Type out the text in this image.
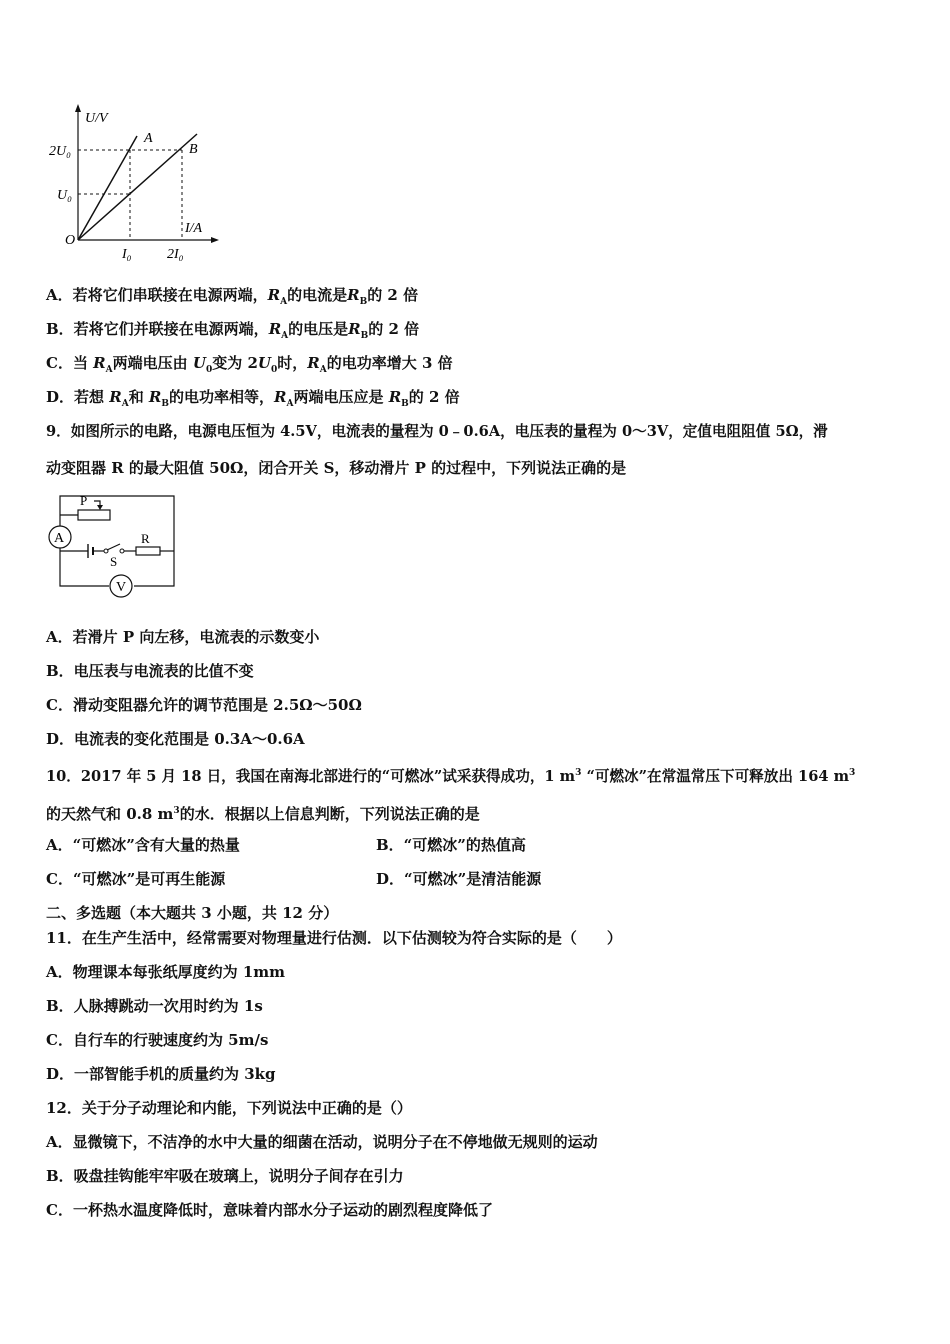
U/V
I/A
O
2U₀
U₀
I₀	2I₀
A
B
A．若将它们串联接在电源两端，$R_A$的电流是$R_B$的 2 倍
B．若将它们并联接在电源两端，$R_A$的电压是$R_B$的 2 倍
C．当 $R_A$两端电压由 $U_0$变为 $2U_0$时，$R_A$的电功率增大 3 倍
D．若想 $R_A$和 $R_B$的电功率相等，$R_A$两端电压应是 $R_B$的 2 倍
9．如图所示的电路，电源电压恒为 4.5V，电流表的量程为 0﹣0.6A，电压表的量程为 0～3V，定值电阻阻值 5Ω，滑
动变阻器 R 的最大阻值 50Ω，闭合开关 S，移动滑片 P 的过程中，下列说法正确的是
A
P
S
R
V
A．若滑片 P 向左移，电流表的示数变小
B．电压表与电流表的比值不变
C．滑动变阻器允许的调节范围是 2.5Ω～50Ω
D．电流表的变化范围是 0.3A～0.6A
10．2017 年 5 月 18 日，我国在南海北部进行的“可燃冰”试采获得成功，1 $m^3$ “可燃冰”在常温常压下可释放出 164 $m^3$
的天然气和 0.8 $m^3$的水．根据以上信息判断，下列说法正确的是
A．“可燃冰”含有大量的热量	B．“可燃冰”的热值高
C．“可燃冰”是可再生能源	D．“可燃冰”是清洁能源
二、多选题（本大题共 3 小题，共 12 分）
11．在生产生活中，经常需要对物理量进行估测．以下估测较为符合实际的是（　　）
A．物理课本每张纸厚度约为 1mm
B．人脉搏跳动一次用时约为 1s
C．自行车的行驶速度约为 5m/s
D．一部智能手机的质量约为 3kg
12．关于分子动理论和内能，下列说法中正确的是（）
A．显微镜下，不洁净的水中大量的细菌在活动，说明分子在不停地做无规则的运动
B．吸盘挂钩能牢牢吸在玻璃上，说明分子间存在引力
C．一杯热水温度降低时，意味着内部水分子运动的剧烈程度降低了
